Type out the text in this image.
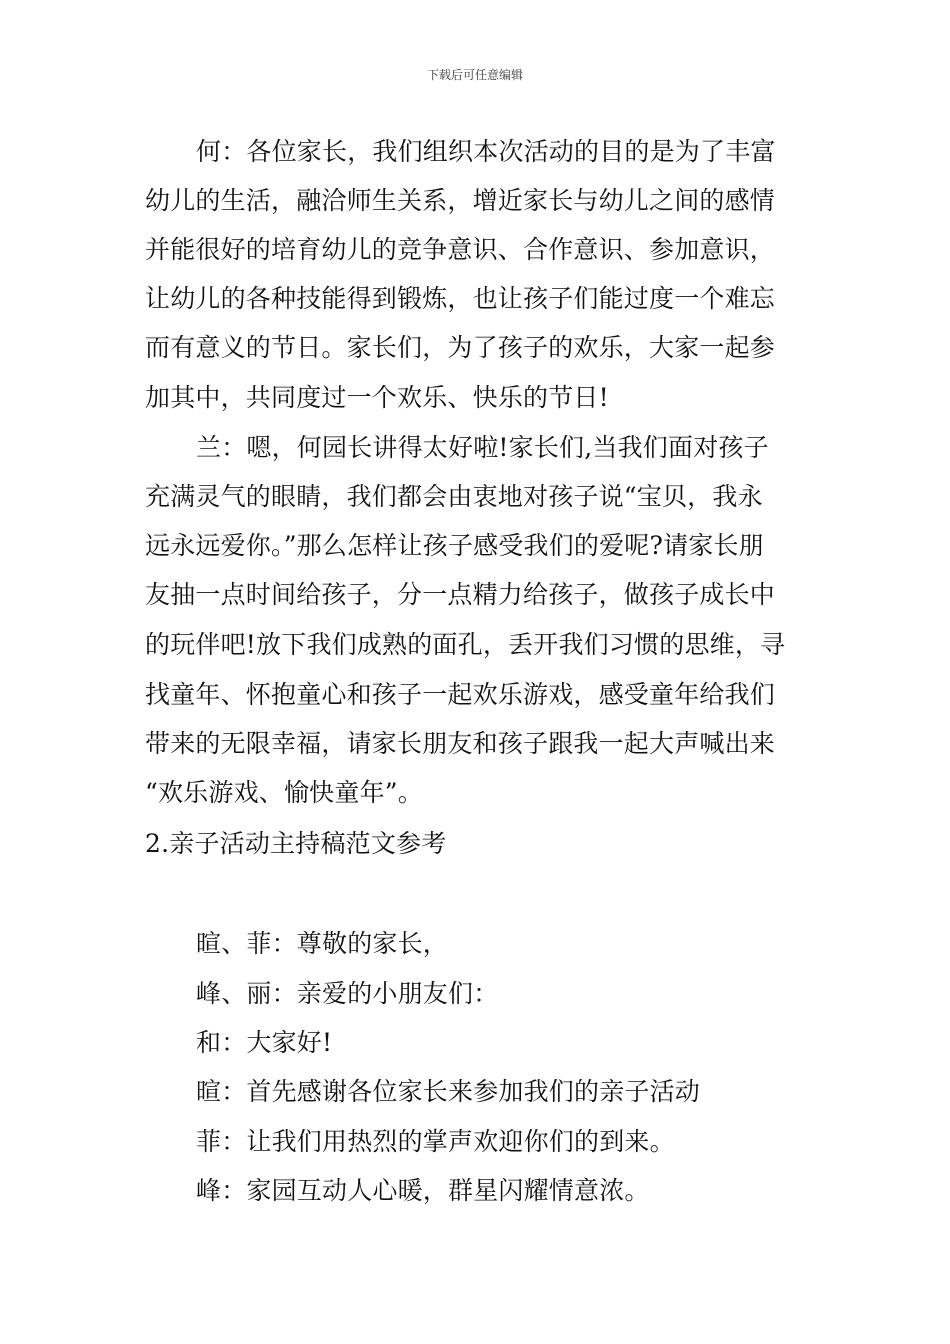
下载后可任意编辑
何：各位家长，我们组织本次活动的目的是为了丰富
幼儿的生活，融洽师生关系，增近家长与幼儿之间的感情
并能很好的培育幼儿的竞争意识、合作意识、参加意识，
让幼儿的各种技能得到锻炼，也让孩子们能过度一个难忘
而有意义的节日。家长们，为了孩子的欢乐，大家一起参
加其中，共同度过一个欢乐、快乐的节日!
兰：嗯，何园长讲得太好啦!家长们,当我们面对孩子
充满灵气的眼睛，我们都会由衷地对孩子说“宝贝，我永
远永远爱你。”那么怎样让孩子感受我们的爱呢?请家长朋
友抽一点时间给孩子，分一点精力给孩子，做孩子成长中
的玩伴吧!放下我们成熟的面孔，丢开我们习惯的思维，寻
找童年、怀抱童心和孩子一起欢乐游戏，感受童年给我们
带来的无限幸福，请家长朋友和孩子跟我一起大声喊出来
“欢乐游戏、愉快童年”。
2.亲子活动主持稿范文参考
暄、菲：尊敬的家长，
峰、丽：亲爱的小朋友们：
和：大家好!
暄：首先感谢各位家长来参加我们的亲子活动
菲：让我们用热烈的掌声欢迎你们的到来。
峰：家园互动人心暖，群星闪耀情意浓。
